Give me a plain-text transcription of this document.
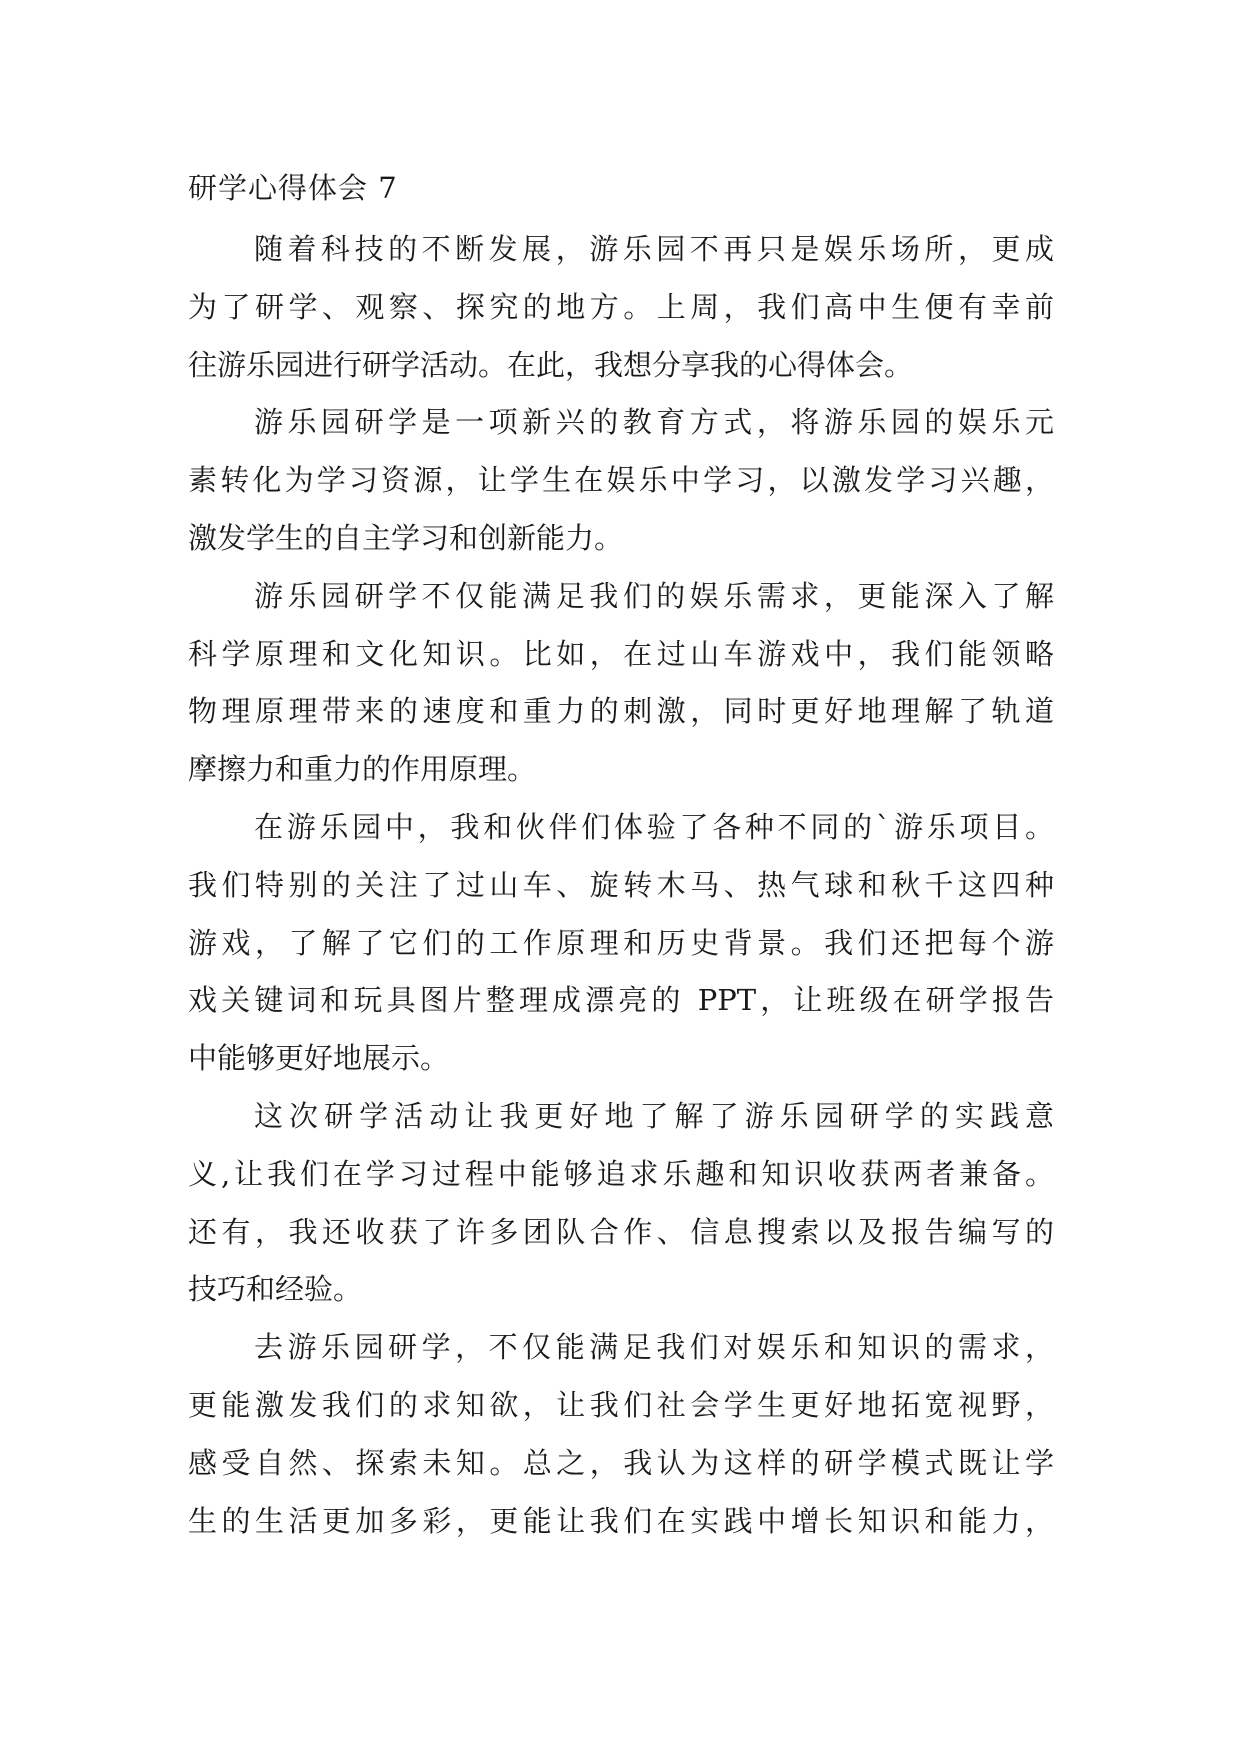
研学心得体会 7
随着科技的不断发展，游乐园不再只是娱乐场所，更成
为了研学、观察、探究的地方。上周，我们高中生便有幸前
往游乐园进行研学活动。在此，我想分享我的心得体会。
游乐园研学是一项新兴的教育方式，将游乐园的娱乐元
素转化为学习资源，让学生在娱乐中学习，以激发学习兴趣，
激发学生的自主学习和创新能力。
游乐园研学不仅能满足我们的娱乐需求，更能深入了解
科学原理和文化知识。比如，在过山车游戏中，我们能领略
物理原理带来的速度和重力的刺激，同时更好地理解了轨道
摩擦力和重力的作用原理。
在游乐园中，我和伙伴们体验了各种不同的`游乐项目。
我们特别的关注了过山车、旋转木马、热气球和秋千这四种
游戏，了解了它们的工作原理和历史背景。我们还把每个游
戏关键词和玩具图片整理成漂亮的 PPT，让班级在研学报告
中能够更好地展示。
这次研学活动让我更好地了解了游乐园研学的实践意
义,让我们在学习过程中能够追求乐趣和知识收获两者兼备。
还有，我还收获了许多团队合作、信息搜索以及报告编写的
技巧和经验。
去游乐园研学，不仅能满足我们对娱乐和知识的需求，
更能激发我们的求知欲，让我们社会学生更好地拓宽视野，
感受自然、探索未知。总之，我认为这样的研学模式既让学
生的生活更加多彩，更能让我们在实践中增长知识和能力，
